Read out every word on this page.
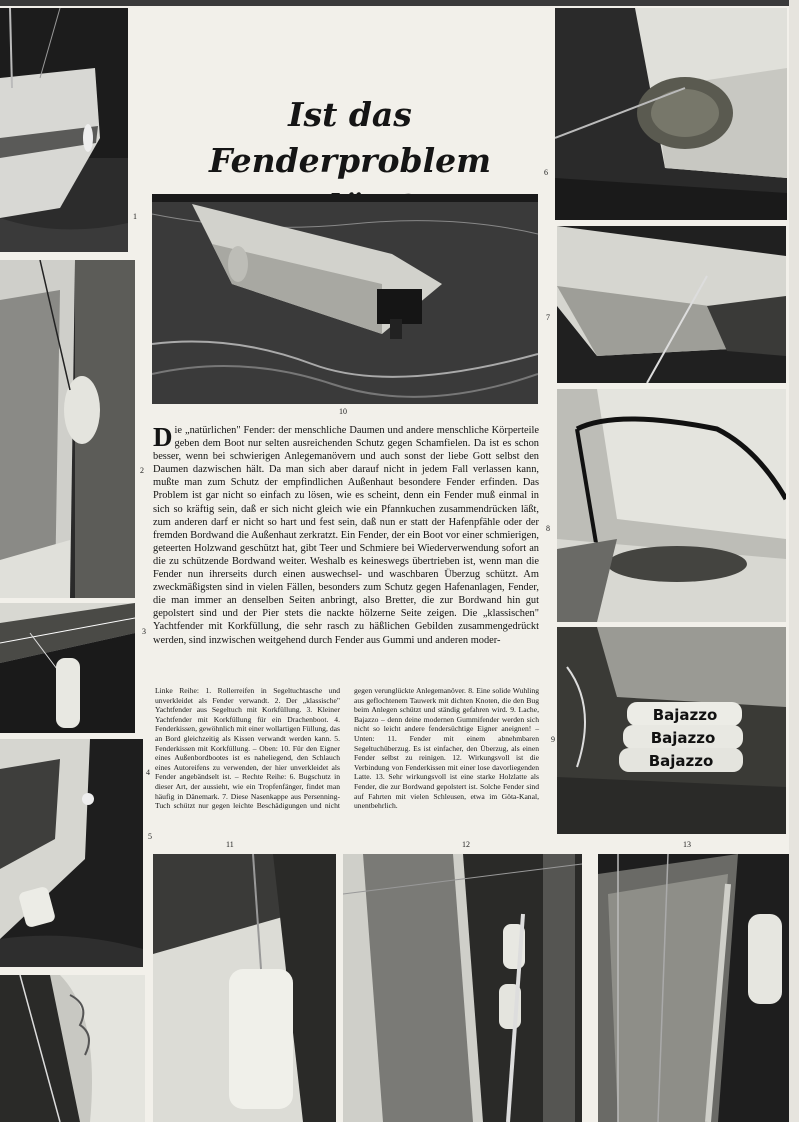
1
2
3
4
5
Ist das Fenderproblem
10

Die „natürlichen" Fender: der menschliche Daumen und andere menschliche Körperteile geben dem Boot nur selten ausreichenden Schutz gegen Schamfielen. Da ist es schon besser, wenn bei schwierigen Anlegemanövern und auch sonst der liebe Gott selbst den Daumen dazwischen hält. Da man sich aber darauf nicht in jedem Fall verlassen kann, mußte man zum Schutz der empfindlichen Außenhaut besondere Fender erfinden. Das Problem ist gar nicht so einfach zu lösen, wie es scheint, denn ein Fender muß einmal in sich so kräftig sein, daß er sich nicht gleich wie ein Pfannkuchen zusammendrücken läßt, zum anderen darf er nicht so hart und fest sein, daß nun er statt der Hafenpfähle oder der fremden Bordwand die Außenhaut zerkratzt. Ein Fender, der ein Boot vor einer schmierigen, geteerten Holzwand geschützt hat, gibt Teer und Schmiere bei Wiederverwendung sofort an die zu schützende Bordwand weiter. Weshalb es keineswegs übertrieben ist, wenn man die Fender nun ihrerseits durch einen auswechsel- und waschbaren Überzug schützt. Am zweckmäßigsten sind in vielen Fällen, besonders zum Schutz gegen Hafenanlagen, Fender, die man immer an denselben Seiten anbringt, also Bretter, die zur Bordwand hin gut gepolstert sind und der Pier stets die nackte hölzerne Seite zeigen. Die „klassischen" Yachtfender mit Korkfüllung, die sehr rasch zu häßlichen Gebilden zusammengedrückt werden, sind inzwischen weitgehend durch Fender aus Gummi und anderen moder-

Linke Reihe: 1. Rollerreifen in Segeltuchtasche und unverkleidet als Fender verwandt. 2. Der „klassische" Yachtfender aus Segeltuch mit Korkfüllung. 3. Kleiner Yachtfender mit Korkfüllung für ein Drachenboot. 4. Fenderkissen, gewöhnlich mit einer wollartigen Füllung, das an Bord gleichzeitig als Kissen verwandt werden kann. 5. Fenderkissen mit Korkfüllung. – Oben: 10. Für den Eigner eines Außenbordbootes ist es naheliegend, den Schlauch eines Autoreifens zu verwenden, der hier unverkleidet als Fender angebändselt ist. – Rechte Reihe: 6. Bugschutz in dieser Art, der aussieht, wie ein Tropfenfänger, findet man häufig in Dänemark. 7. Diese Nasenkappe aus Persenning-Tuch schützt nur gegen leichte Beschädigungen und nicht gegen verunglückte Anlegemanöver. 8. Eine solide Wuhling aus geflochtenem Tauwerk mit dichten Knoten, die den Bug beim Anlegen schützt und ständig gefahren wird. 9. Lache, Bajazzo – denn deine modernen Gummifender werden sich nicht so leicht andere fendersüchtige Eigner aneignen! – Unten: 11. Fender mit einem abnehmbaren Segeltuchüberzug. Es ist einfacher, den Überzug, als einen Fender selbst zu reinigen. 12. Wirkungsvoll ist die Verbindung von Fenderkissen mit einer lose davorliegenden Latte. 13. Sehr wirkungsvoll ist eine starke Holzlatte als Fender, die zur Bordwand gepolstert ist. Solche Fender sind auf Fahrten mit vielen Schleusen, etwa im Göta-Kanal, unentbehrlich.

6
7
8
Bajazzo
Bajazzo
Bajazzo
9
11	12	13
